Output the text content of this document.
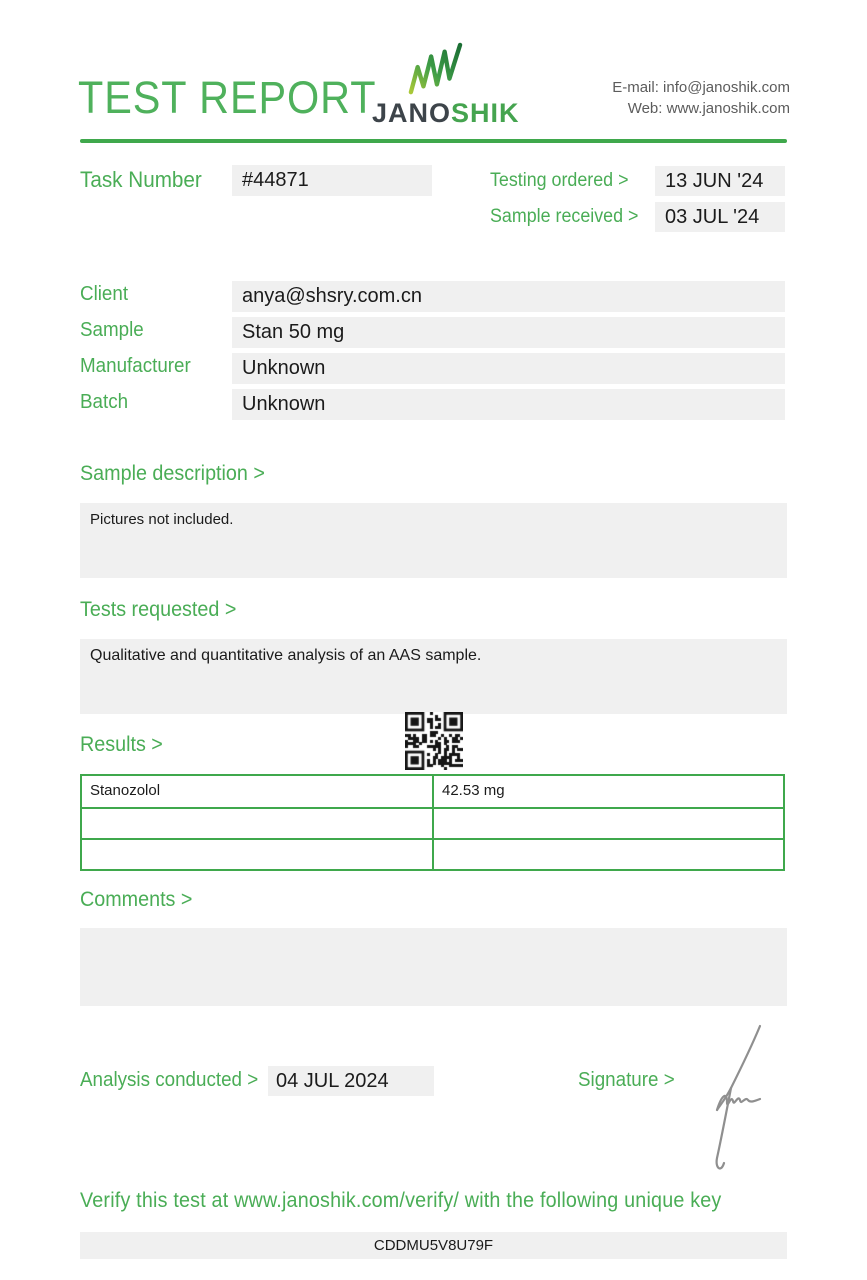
TEST REPORT
JANOSHIK
E-mail: info@janoshik.com
Web: www.janoshik.com
Task Number	#44871	Testing ordered >	13 JUN '24
Sample received >	03 JUL '24
Client	anya@shsry.com.cn
Sample	Stan 50 mg
Manufacturer	Unknown
Batch	Unknown
Sample description >
Pictures not included.
Tests requested >
Qualitative and quantitative analysis of an AAS sample.
Results >
Stanozolol	42.53 mg
Comments >
Analysis conducted > 04 JUL 2024	Signature >
Verify this test at www.janoshik.com/verify/ with the following unique key
CDDMU5V8U79F
